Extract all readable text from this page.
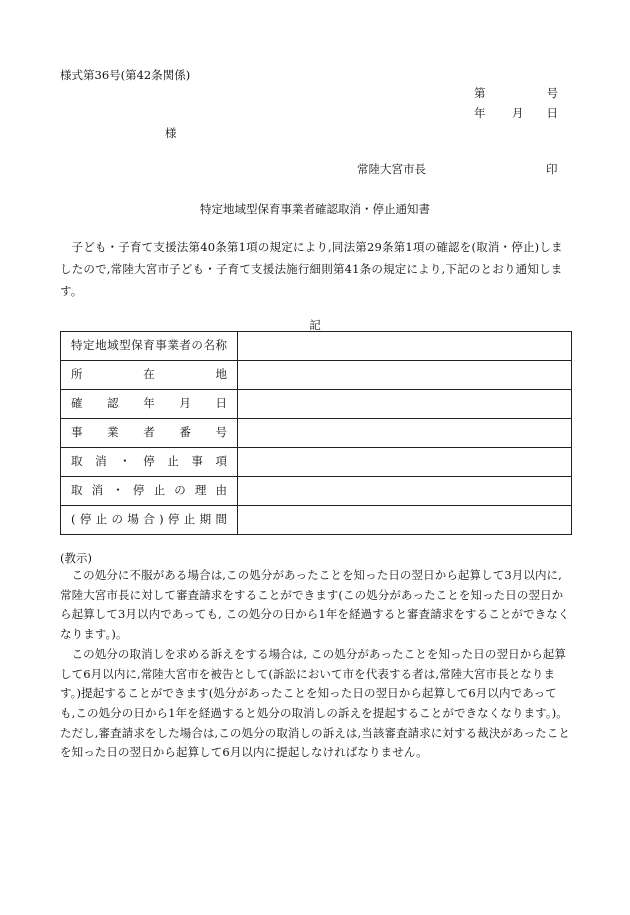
様式第36号(第42条関係)
第	号
年 月 日
様
常陸大宮市長	印
特定地域型保育事業者確認取消・停止通知書
子ども・子育て支援法第40条第1項の規定により,同法第29条第1項の確認を(取消・停止)しましたので,常陸大宮市子ども・子育て支援法施行細則第41条の規定により,下記のとおり通知します。
記
特定地域型保育事業者の名称	

所在地	

確認年月日	

事業者番号	

取消・停止事項	

取消・停止の理由	

(停止の場合)停止期間	

(教示)

この処分に不服がある場合は,この処分があったことを知った日の翌日から起算して3月以内に,常陸大宮市長に対して審査請求をすることができます(この処分があったことを知った日の翌日から起算して3月以内であっても, この処分の日から1年を経過すると審査請求をすることができなくなります。)。

この処分の取消しを求める訴えをする場合は, この処分があったことを知った日の翌日から起算して6月以内に,常陸大宮市を被告として(訴訟において市を代表する者は,常陸大宮市長となります。)提起することができます(処分があったことを知った日の翌日から起算して6月以内であっても,この処分の日から1年を経過すると処分の取消しの訴えを提起することができなくなります。)。ただし,審査請求をした場合は,この処分の取消しの訴えは,当該審査請求に対する裁決があったことを知った日の翌日から起算して6月以内に提起しなければなりません。
